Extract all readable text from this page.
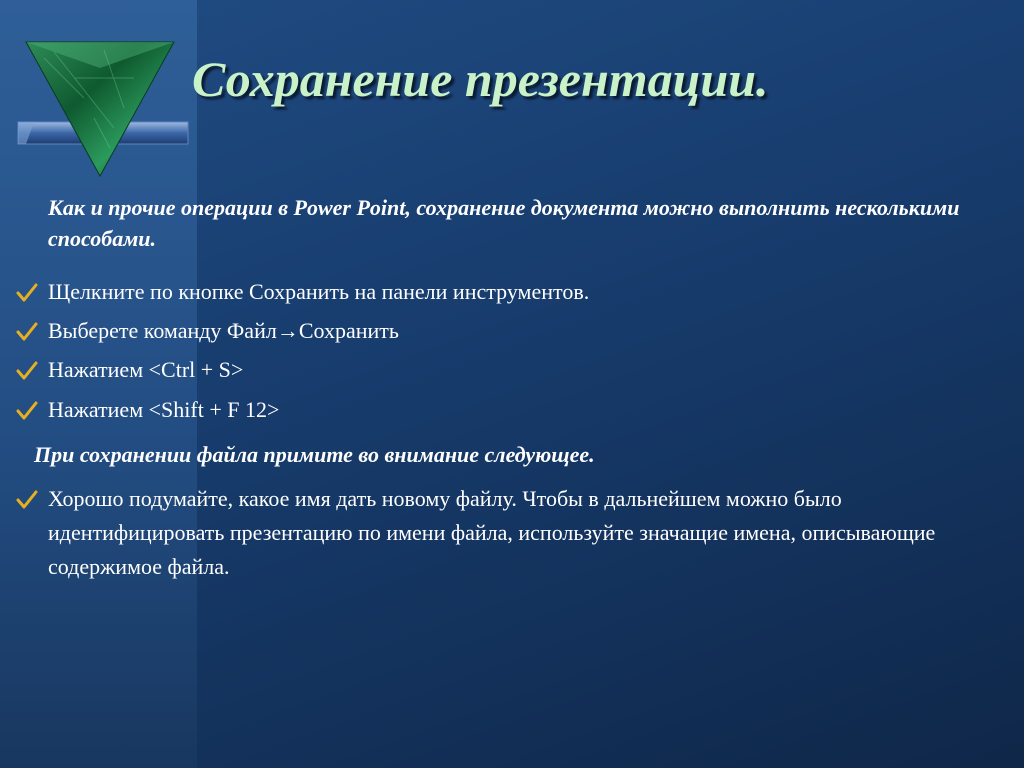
Сохранение презентации.
Как и прочие операции в Power Point, сохранение документа можно выполнить несколькими способами.
Щелкните по кнопке Сохранить на панели инструментов.
Выберете команду Файл→Сохранить
Нажатием <Ctrl + S>
Нажатием <Shift + F 12>
При сохранении файла примите во внимание следующее.
Хорошо подумайте, какое имя дать новому файлу. Чтобы в дальнейшем можно было идентифицировать презентацию по имени файла, используйте значащие имена, описывающие содержимое файла.
